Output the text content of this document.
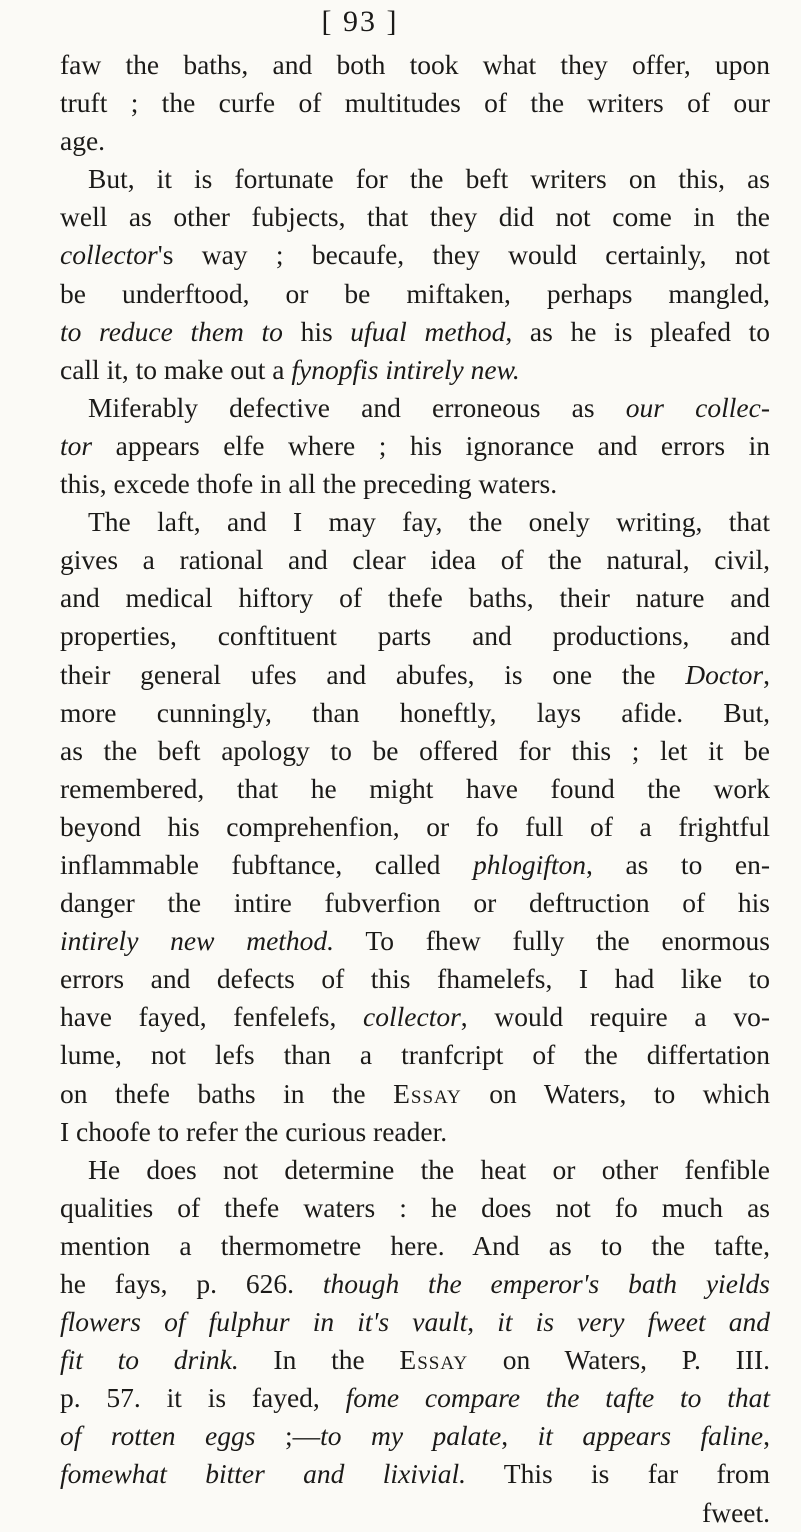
[ 93 ]
faw the baths, and both took what they offer, upon
truft ; the curfe of multitudes of the writers of our
age.
But, it is fortunate for the beft writers on this, as
well as other fubjects, that they did not come in the
collector's way ; becaufe, they would certainly, not
be underftood, or be miftaken, perhaps mangled,
to reduce them to his ufual method, as he is pleafed to
call it, to make out a fynopfis intirely new.
Miferably defective and erroneous as our collec-
tor appears elfe where ; his ignorance and errors in
this, excede thofe in all the preceding waters.
The laft, and I may fay, the onely writing, that
gives a rational and clear idea of the natural, civil,
and medical hiftory of thefe baths, their nature and
properties, conftituent parts and productions, and
their general ufes and abufes, is one the Doctor,
more cunningly, than honeftly, lays afide. But,
as the beft apology to be offered for this ; let it be
remembered, that he might have found the work
beyond his comprehenfion, or fo full of a frightful
inflammable fubftance, called phlogifton, as to en-
danger the intire fubverfion or deftruction of his
intirely new method. To fhew fully the enormous
errors and defects of this fhamelefs, I had like to
have fayed, fenfelefs, collector, would require a vo-
lume, not lefs than a tranfcript of the differtation
on thefe baths in the Essay on Waters, to which
I choofe to refer the curious reader.
He does not determine the heat or other fenfible
qualities of thefe waters : he does not fo much as
mention a thermometre here. And as to the tafte,
he fays, p. 626. though the emperor's bath yields
flowers of fulphur in it's vault, it is very fweet and
fit to drink. In the Essay on Waters, P. III.
p. 57. it is fayed, fome compare the tafte to that
of rotten eggs ;—to my palate, it appears faline,
fomewhat bitter and lixivial. This is far from
fweet.
